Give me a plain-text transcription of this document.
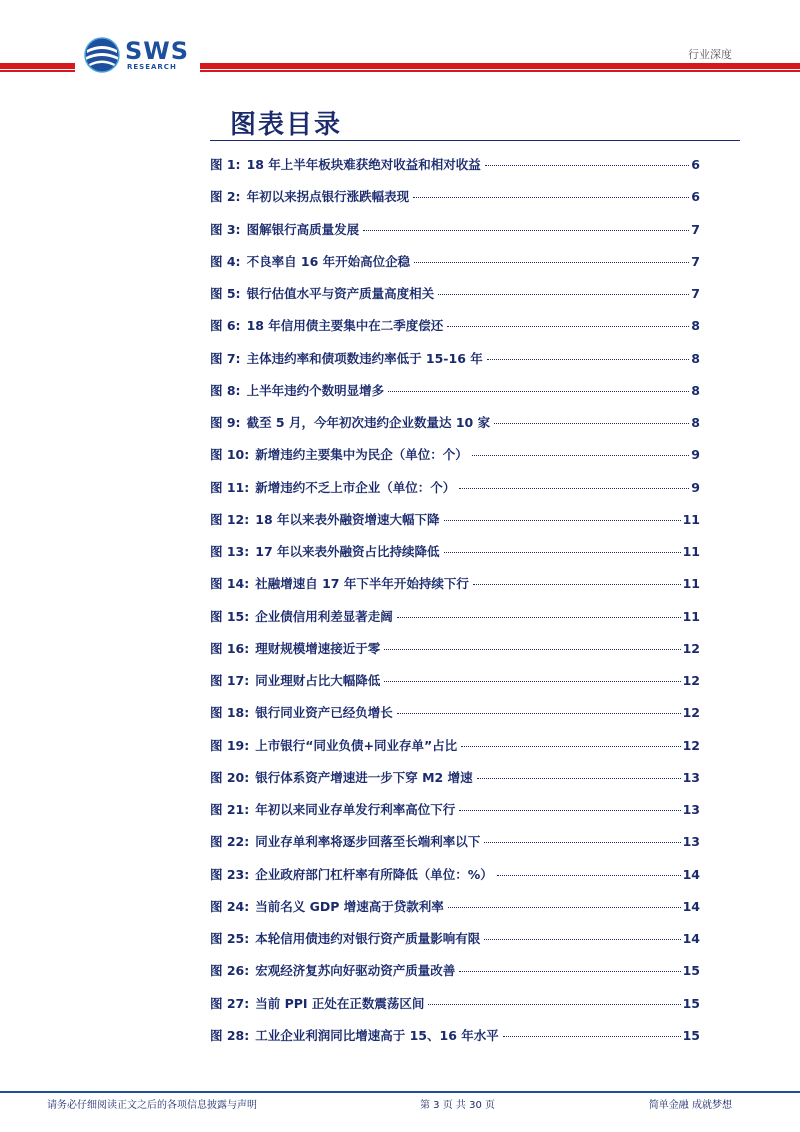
SWS
RESEARCH
行业深度
图表目录
图 1: 18 年上半年板块难获绝对收益和相对收益	6
图 2: 年初以来拐点银行涨跌幅表现	6
图 3: 图解银行高质量发展	7
图 4: 不良率自 16 年开始高位企稳	7
图 5: 银行估值水平与资产质量高度相关	7
图 6: 18 年信用债主要集中在二季度偿还	8
图 7: 主体违约率和债项数违约率低于 15-16 年	8
图 8: 上半年违约个数明显增多	8
图 9: 截至 5 月，今年初次违约企业数量达 10 家	8
图 10: 新增违约主要集中为民企（单位：个）	9
图 11: 新增违约不乏上市企业（单位：个）	9
图 12: 18 年以来表外融资增速大幅下降	11
图 13: 17 年以来表外融资占比持续降低	11
图 14: 社融增速自 17 年下半年开始持续下行	11
图 15: 企业债信用利差显著走阔	11
图 16: 理财规模增速接近于零	12
图 17: 同业理财占比大幅降低	12
图 18: 银行同业资产已经负增长	12
图 19: 上市银行“同业负债+同业存单”占比	12
图 20: 银行体系资产增速进一步下穿 M2 增速	13
图 21: 年初以来同业存单发行利率高位下行	13
图 22: 同业存单利率将逐步回落至长端利率以下	13
图 23: 企业政府部门杠杆率有所降低（单位：%）	14
图 24: 当前名义 GDP 增速高于贷款利率	14
图 25: 本轮信用债违约对银行资产质量影响有限	14
图 26: 宏观经济复苏向好驱动资产质量改善	15
图 27: 当前 PPI 正处在正数震荡区间	15
图 28: 工业企业利润同比增速高于 15、16 年水平	15
请务必仔细阅读正文之后的各项信息披露与声明	第 3 页 共 30 页	简单金融 成就梦想
